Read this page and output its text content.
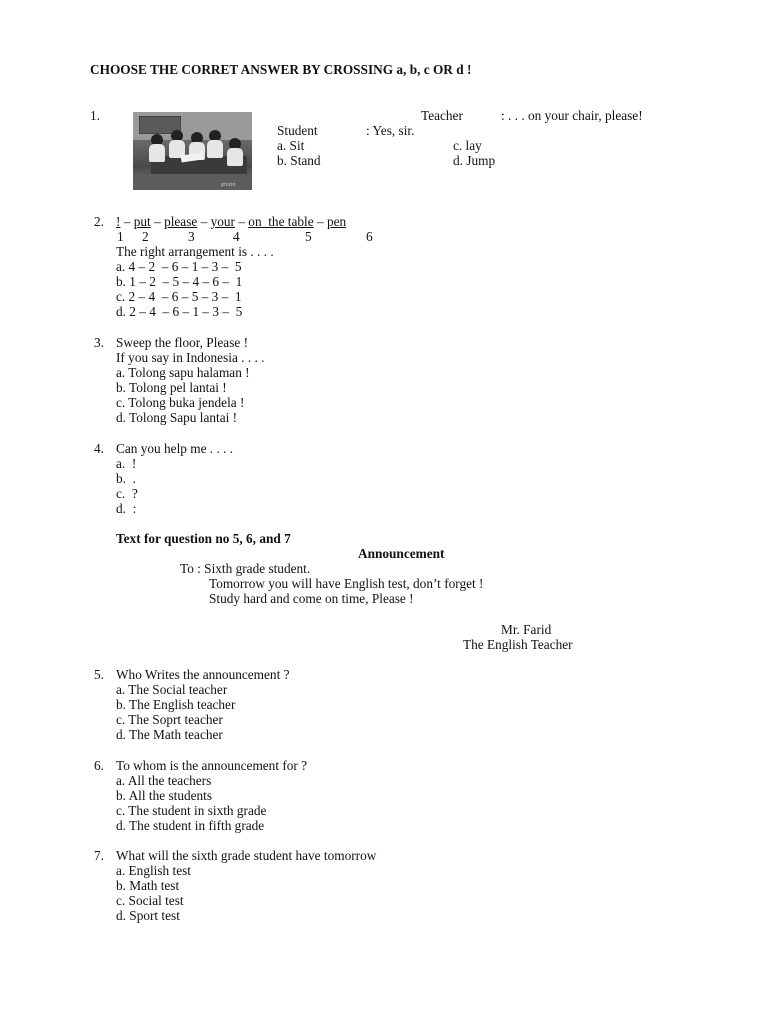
CHOOSE THE CORRET ANSWER BY CROSSING a, b, c OR d !
1.
photo
Teacher	: . . . on your chair, please!
Student	: Yes, sir.
a. Sit
b. Stand
c. lay
d. Jump
2. ! – put – please – your – on  the table – pen
1 2	3	4	5	6
The right arrangement is . . . .
a. 4 – 2  – 6 – 1 – 3 –  5
b. 1 – 2  – 5 – 4 – 6 –  1
c. 2 – 4  – 6 – 5 – 3 –  1
d. 2 – 4  – 6 – 1 – 3 –  5
3. Sweep the floor, Please !
If you say in Indonesia . . . .
a. Tolong sapu halaman !
b. Tolong pel lantai !
c. Tolong buka jendela !
d. Tolong Sapu lantai !
4. Can you help me . . . .
a.  !
b.  .
c.  ?
d.  :
Text for question no 5, 6, and 7
Announcement
To : Sixth grade student.
Tomorrow you will have English test, don’t forget !
Study hard and come on time, Please !
Mr. Farid
The English Teacher
5. Who Writes the announcement ?
a. The Social teacher
b. The English teacher
c. The Soprt teacher
d. The Math teacher
6. To whom is the announcement for ?
a. All the teachers
b. All the students
c. The student in sixth grade
d. The student in fifth grade
7. What will the sixth grade student have tomorrow
a. English test
b. Math test
c. Social test
d. Sport test
